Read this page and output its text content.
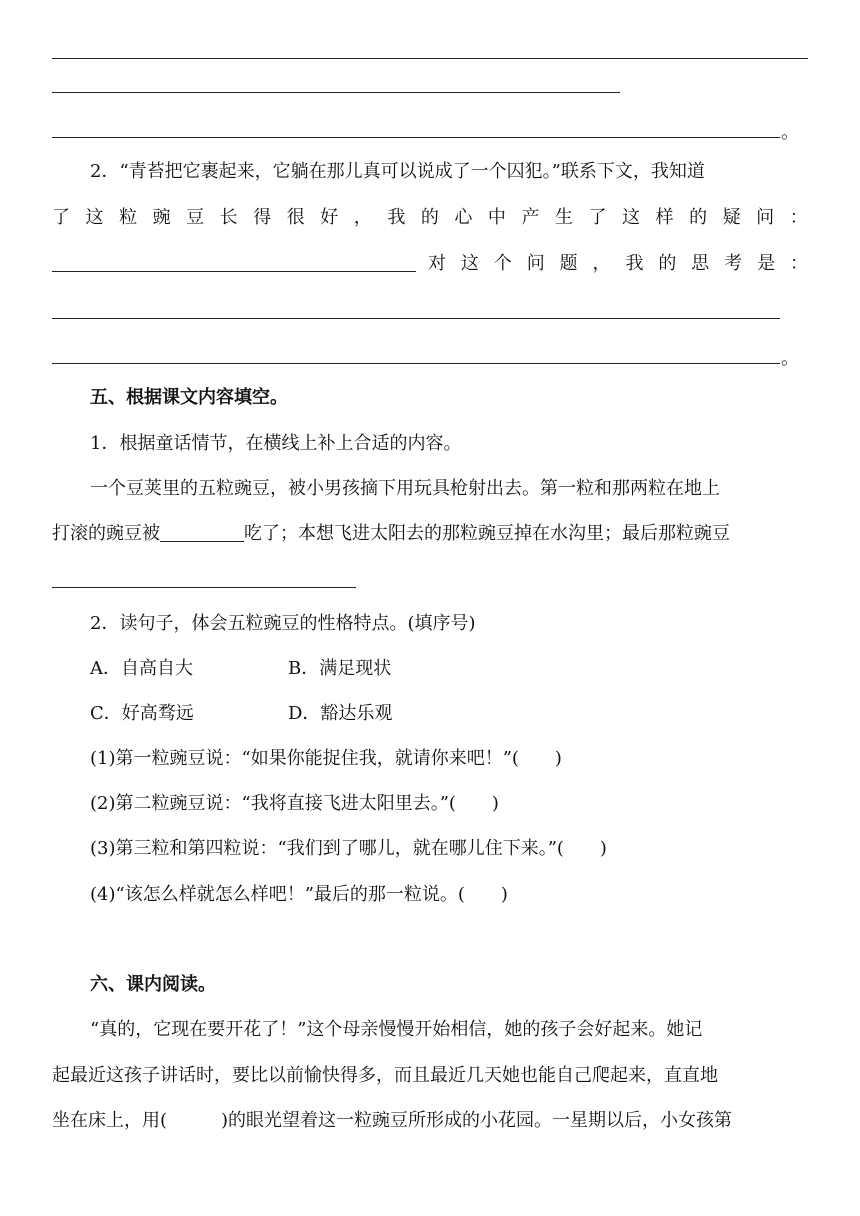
。
2．“青苔把它裹起来，它躺在那儿真可以说成了一个囚犯。”联系下文，我知道
了 这 粒 豌 豆 长 得 很 好 ， 我 的 心 中 产 生 了 这 样 的 疑 问 ：
对 这 个 问 题 ， 我 的 思 考 是 ：
。
五、根据课文内容填空。
1．根据童话情节，在横线上补上合适的内容。
一个豆荚里的五粒豌豆，被小男孩摘下用玩具枪射出去。第一粒和那两粒在地上
打滚的豌豆被	吃了；本想飞进太阳去的那粒豌豆掉在水沟里；最后那粒豌豆
2．读句子，体会五粒豌豆的性格特点。(填序号)
A．自高自大	B．满足现状
C．好高骛远	D．豁达乐观
(1)第一粒豌豆说：“如果你能捉住我，就请你来吧！”(　　)
(2)第二粒豌豆说：“我将直接飞进太阳里去。”(　　)
(3)第三粒和第四粒说：“我们到了哪儿，就在哪儿住下来。”(　　)
(4)“该怎么样就怎么样吧！”最后的那一粒说。(　　)
六、课内阅读。
“真的，它现在要开花了！”这个母亲慢慢开始相信，她的孩子会好起来。她记
起最近这孩子讲话时，要比以前愉快得多，而且最近几天她也能自己爬起来，直直地
坐在床上，用(　　　)的眼光望着这一粒豌豆所形成的小花园。一星期以后，小女孩第
